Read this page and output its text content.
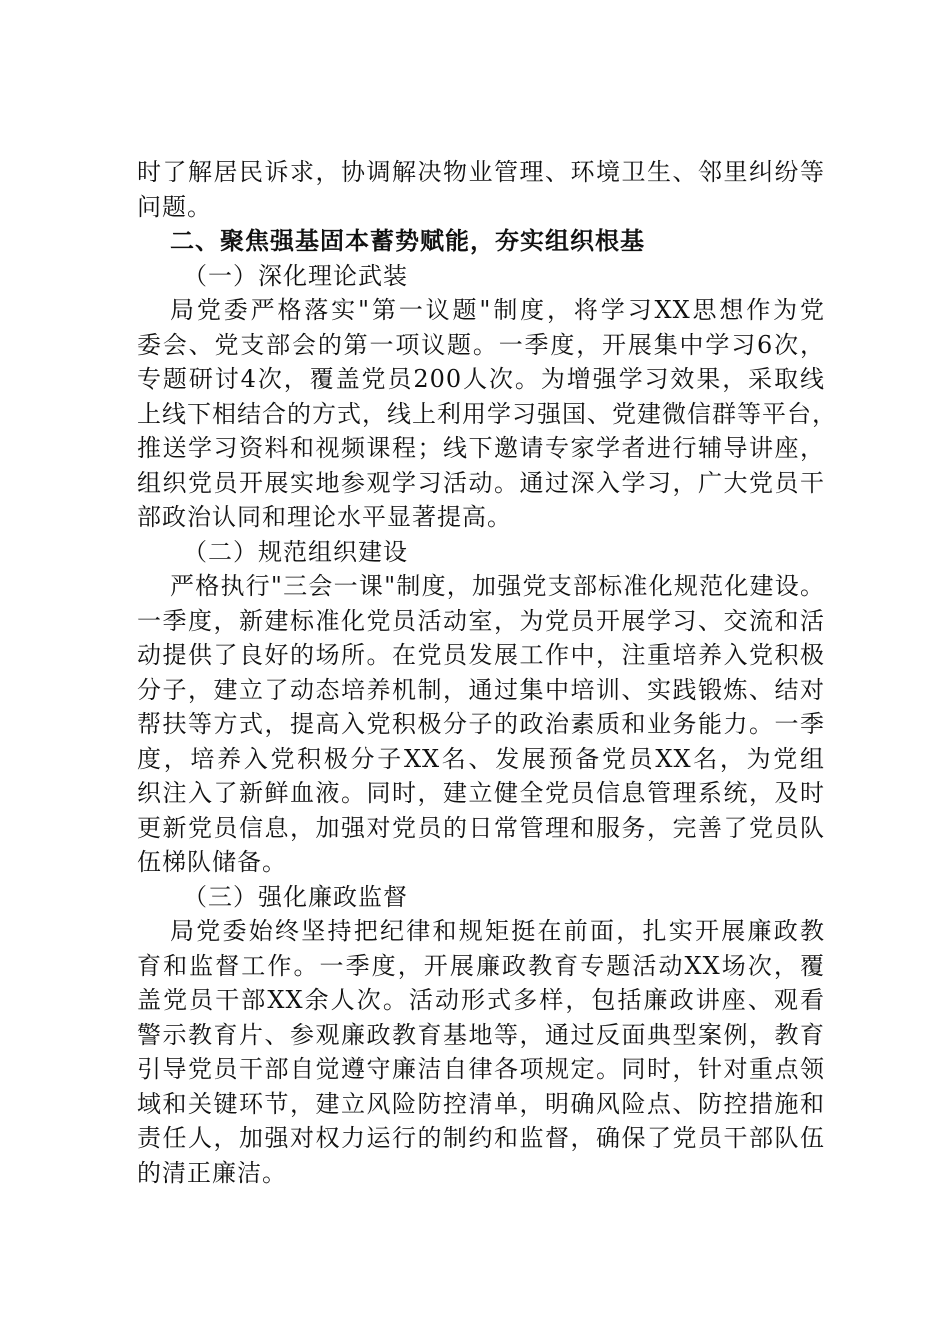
时了解居民诉求，协调解决物业管理、环境卫生、邻里纠纷等
问题。
二、聚焦强基固本蓄势赋能，夯实组织根基
（一）深化理论武装
局党委严格落实"第一议题"制度，将学习XX思想作为党
委会、党支部会的第一项议题。一季度，开展集中学习6次，
专题研讨4次，覆盖党员200人次。为增强学习效果，采取线
上线下相结合的方式，线上利用学习强国、党建微信群等平台，
推送学习资料和视频课程；线下邀请专家学者进行辅导讲座，
组织党员开展实地参观学习活动。通过深入学习，广大党员干
部政治认同和理论水平显著提高。
（二）规范组织建设
严格执行"三会一课"制度，加强党支部标准化规范化建设。
一季度，新建标准化党员活动室，为党员开展学习、交流和活
动提供了良好的场所。在党员发展工作中，注重培养入党积极
分子，建立了动态培养机制，通过集中培训、实践锻炼、结对
帮扶等方式，提高入党积极分子的政治素质和业务能力。一季
度，培养入党积极分子XX名、发展预备党员XX名，为党组
织注入了新鲜血液。同时，建立健全党员信息管理系统，及时
更新党员信息，加强对党员的日常管理和服务，完善了党员队
伍梯队储备。
（三）强化廉政监督
局党委始终坚持把纪律和规矩挺在前面，扎实开展廉政教
育和监督工作。一季度，开展廉政教育专题活动XX场次，覆
盖党员干部XX余人次。活动形式多样，包括廉政讲座、观看
警示教育片、参观廉政教育基地等，通过反面典型案例，教育
引导党员干部自觉遵守廉洁自律各项规定。同时，针对重点领
域和关键环节，建立风险防控清单，明确风险点、防控措施和
责任人，加强对权力运行的制约和监督，确保了党员干部队伍
的清正廉洁。
